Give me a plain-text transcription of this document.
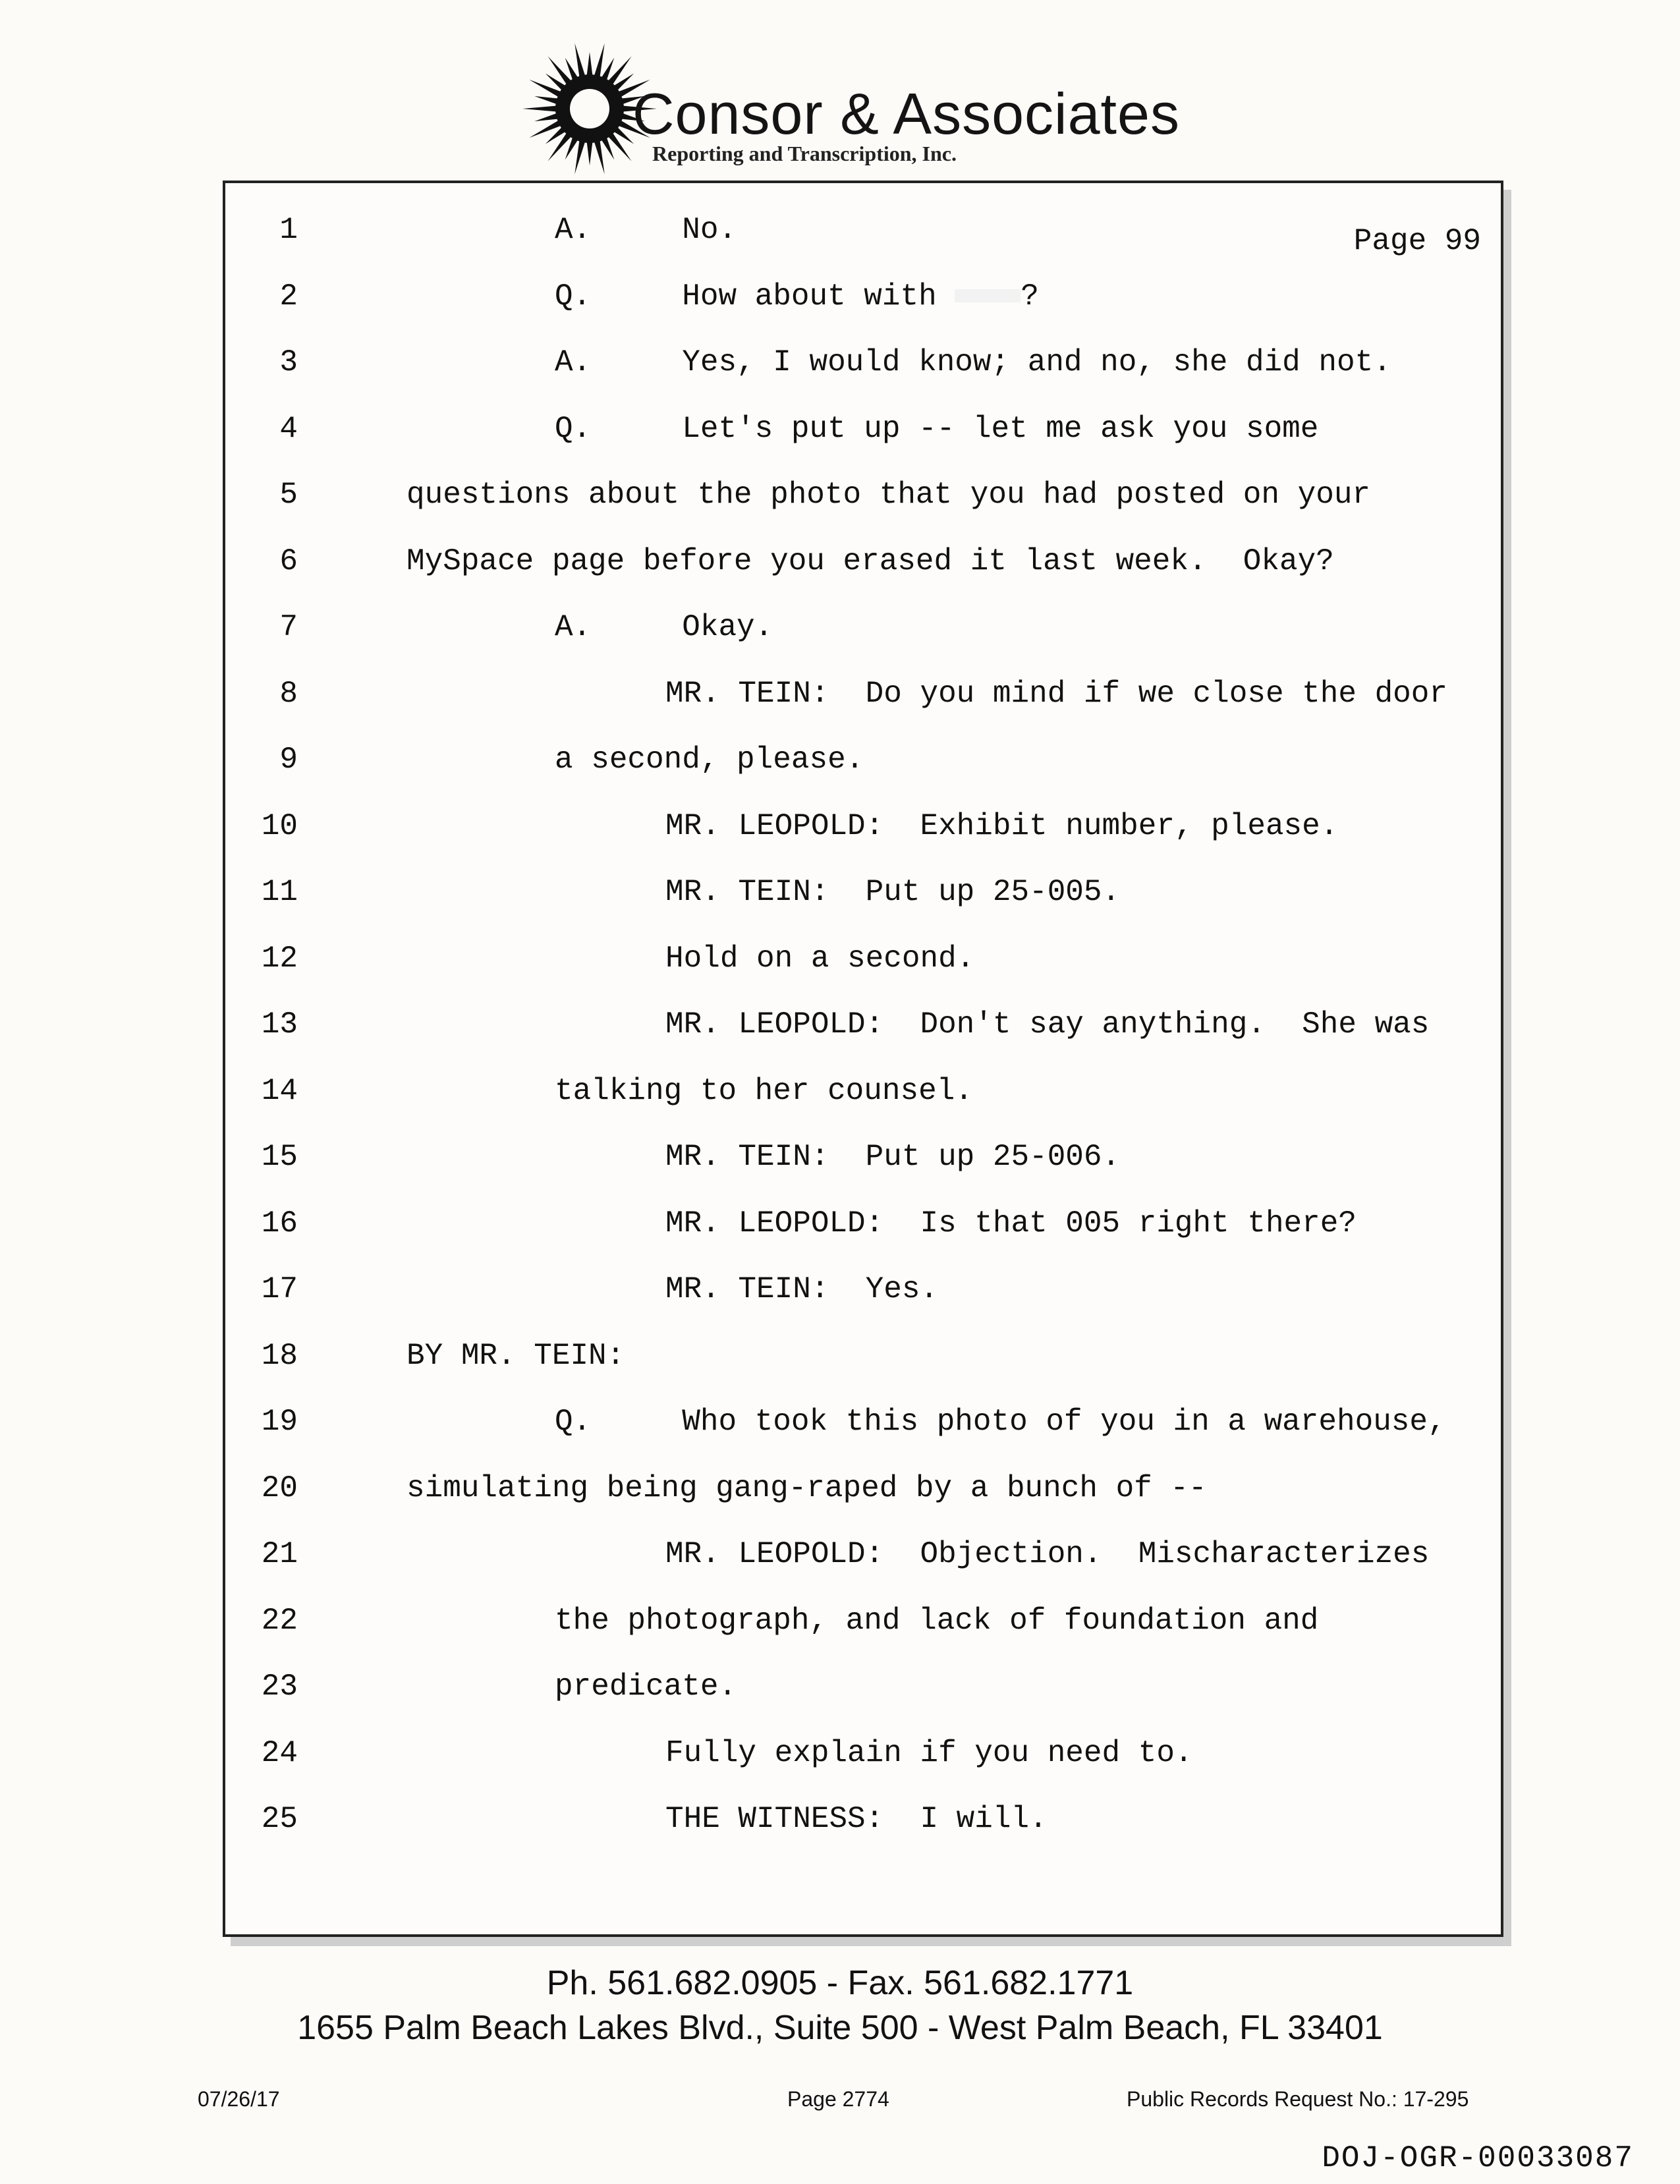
Consor & Associates
Reporting and Transcription, Inc.
Page 99
1	A.     No.
2	Q.     How about with ?
3	A.     Yes, I would know; and no, she did not.
4	Q.     Let's put up -- let me ask you some
5	questions about the photo that you had posted on your
6	MySpace page before you erased it last week.  Okay?
7	A.     Okay.
8	MR. TEIN:  Do you mind if we close the door
9	a second, please.
10	MR. LEOPOLD:  Exhibit number, please.
11	MR. TEIN:  Put up 25-005.
12	Hold on a second.
13	MR. LEOPOLD:  Don't say anything.  She was
14	talking to her counsel.
15	MR. TEIN:  Put up 25-006.
16	MR. LEOPOLD:  Is that 005 right there?
17	MR. TEIN:  Yes.
18	BY MR. TEIN:
19	Q.     Who took this photo of you in a warehouse,
20	simulating being gang-raped by a bunch of --
21	MR. LEOPOLD:  Objection.  Mischaracterizes
22	the photograph, and lack of foundation and
23	predicate.
24	Fully explain if you need to.
25	THE WITNESS:  I will.
Ph. 561.682.0905 - Fax. 561.682.1771
1655 Palm Beach Lakes Blvd., Suite 500 - West Palm Beach, FL 33401
07/26/17	Page 2774	Public Records Request No.: 17-295
DOJ-OGR-00033087
